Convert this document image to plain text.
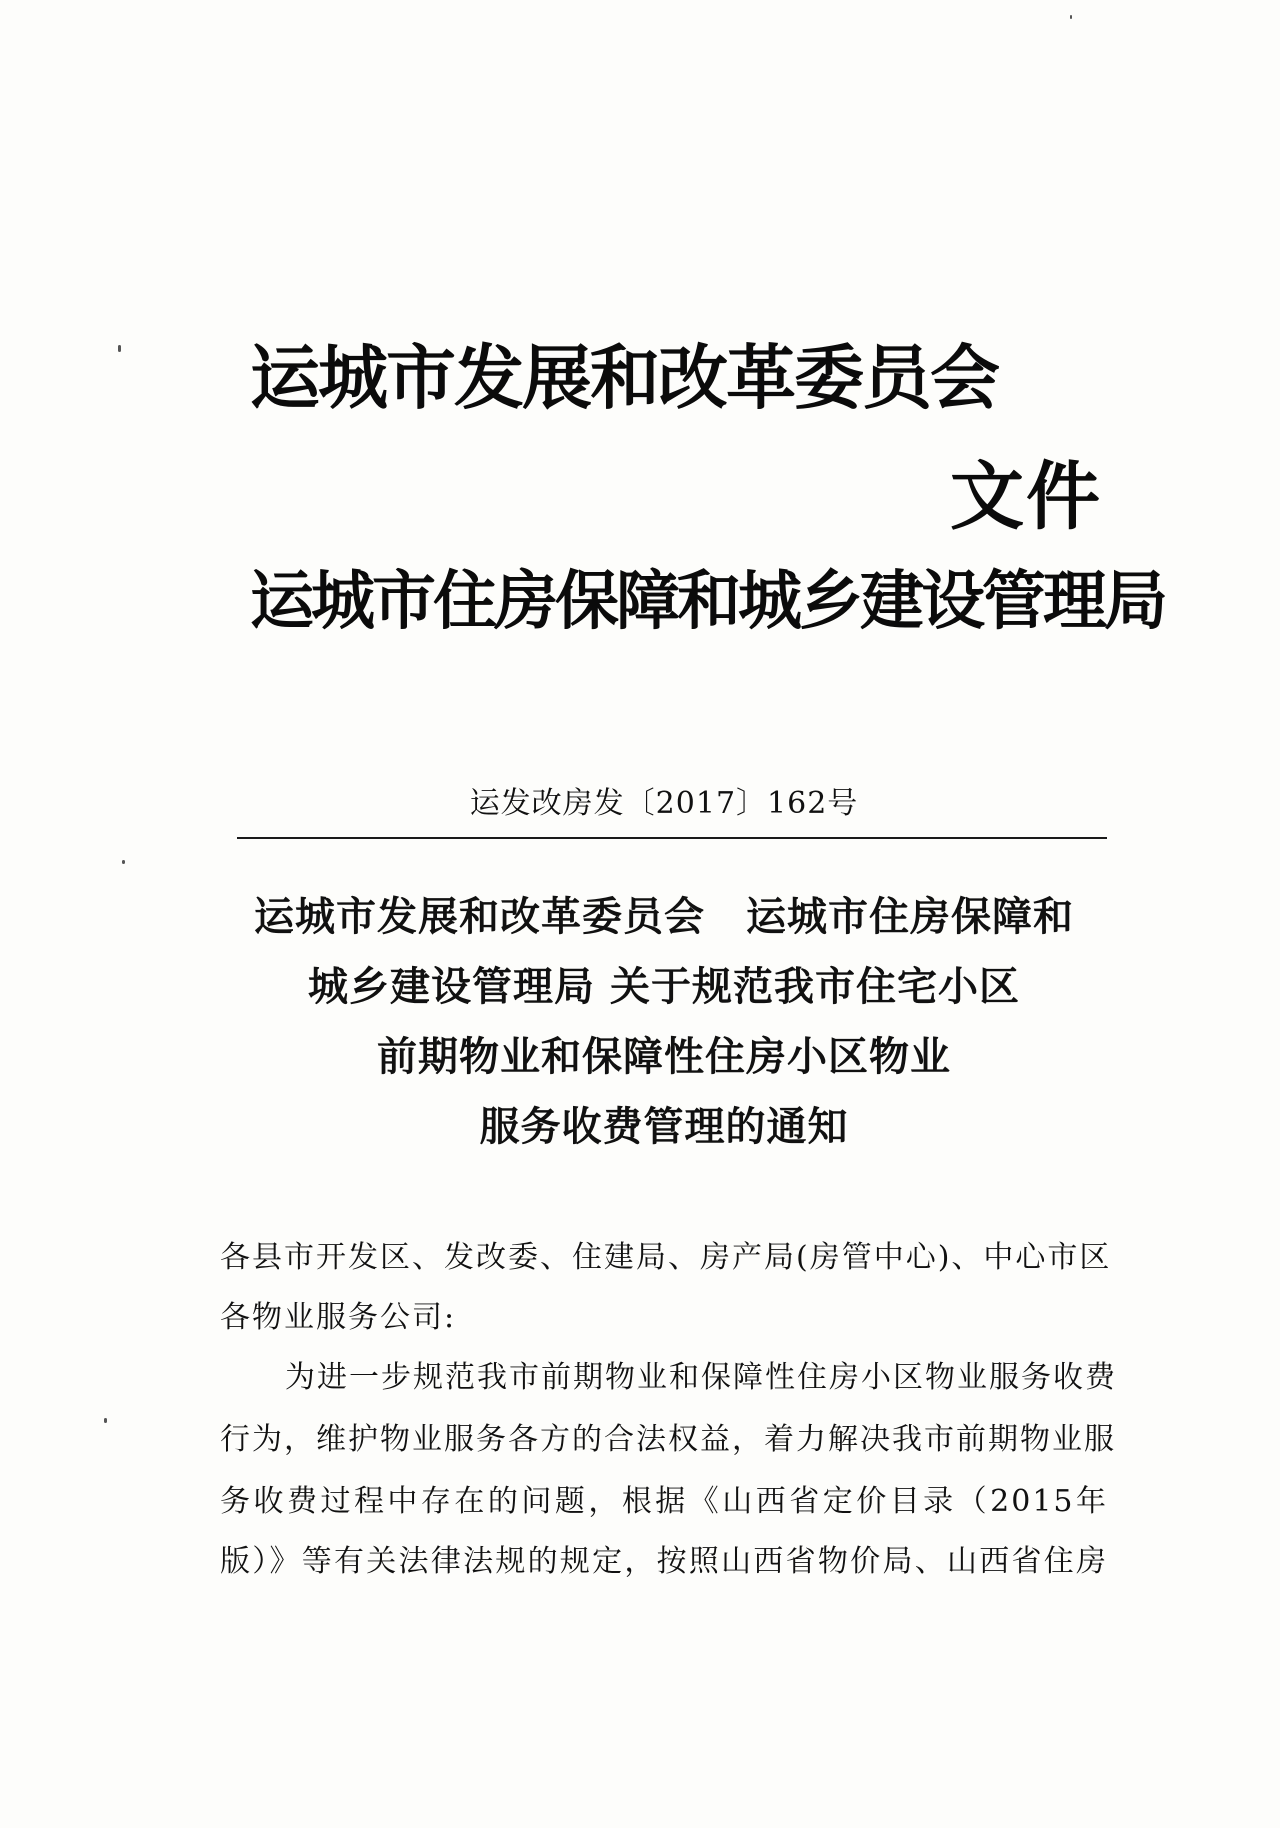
运城市发展和改革委员会
文件
运城市住房保障和城乡建设管理局
运发改房发〔2017〕162号
运城市发展和改革委员会　运城市住房保障和
城乡建设管理局 关于规范我市住宅小区
前期物业和保障性住房小区物业
服务收费管理的通知
各县市开发区、发改委、住建局、房产局(房管中心)、中心市区
各物业服务公司:
为进一步规范我市前期物业和保障性住房小区物业服务收费
行为，维护物业服务各方的合法权益，着力解决我市前期物业服
务收费过程中存在的问题，根据《山西省定价目录（2015年
版）》等有关法律法规的规定，按照山西省物价局、山西省住房
